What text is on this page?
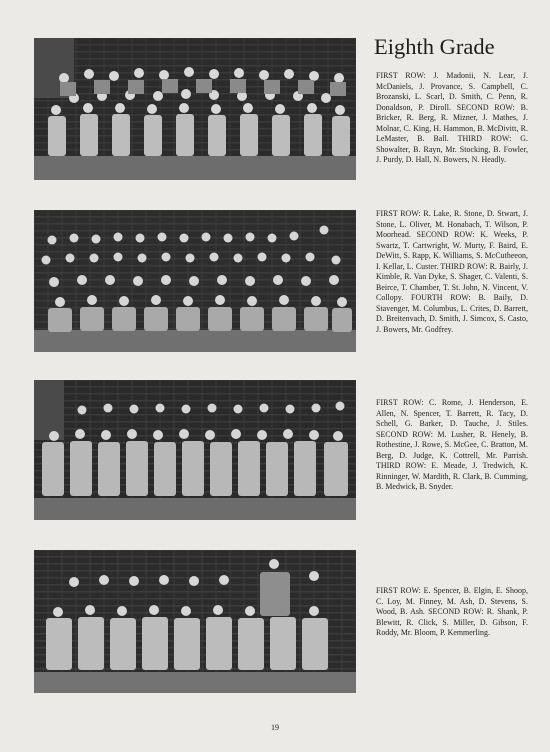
Eighth Grade
FIRST ROW: J. Madonii, N. Lear, J. McDaniels, J. Provance, S. Campbell, C. Brozanski, L. Scarl, D. Smith, C. Penn, R. Donaldson, P. Diroll. SECOND ROW: B. Bricker, R. Berg, R. Mizner, J. Mathes, J. Molnar, C. King, H. Hammon, B. McDivitt, R. LeMaster, B. Ball. THIRD ROW: G. Showalter, B. Rayn, Mr. Stocking, B. Fowler, J. Purdy, D. Hall, N. Bowers, N. Headly.
FIRST ROW: R. Lake, R. Stone, D. Stwart, J. Stone, L. Oliver, M. Honabach, T. Wilson, P. Moorhead. SECOND ROW: K. Weeks, P. Swartz, T. Cartwright, W. Murty, F. Baird, E. DeWitt, S. Rapp, K. Williams, S. McCutheeon, I. Kellar, L. Custer. THIRD ROW: R. Bairly, J. Kimble, R. Van Dyke, S. Shager, C. Valenti, S. Beirce, T. Chamber, T. St. John, N. Vincent, V. Collopy. FOURTH ROW: B. Baily, D. Stavenger, M. Columbus, L. Crites, D. Barrett, D. Breitenvach, D. Smith, J. Simcox, S. Casto, J. Bowers, Mr. Godfrey.
FIRST ROW: C. Rome, J. Henderson, E. Allen, N. Spencer, T. Barrett, R. Tacy, D. Schell, G. Barker, D. Tauche, J. Stiles. SECOND ROW: M. Lusher, R. Henely, B. Rothestine, J. Rowe, S. McGee, C. Bratton, M. Berg, D. Judge, K. Cottrell, Mr. Parrish. THIRD ROW: E. Meade, J. Tredwich, K. Rinninger, W. Mardith, R. Clark, B. Cumming, B. Medwick, B. Snyder.
FIRST ROW: E. Spencer, B. Elgin, E. Shoop, C. Loy, M. Finney, M. Ash, D. Stevens, S. Wood, B. Ash. SECOND ROW: R. Shank, P. Blewitt, R. Click, S. Miller, D. Gibson, F. Roddy, Mr. Bloom, P. Kemmerling.
19
